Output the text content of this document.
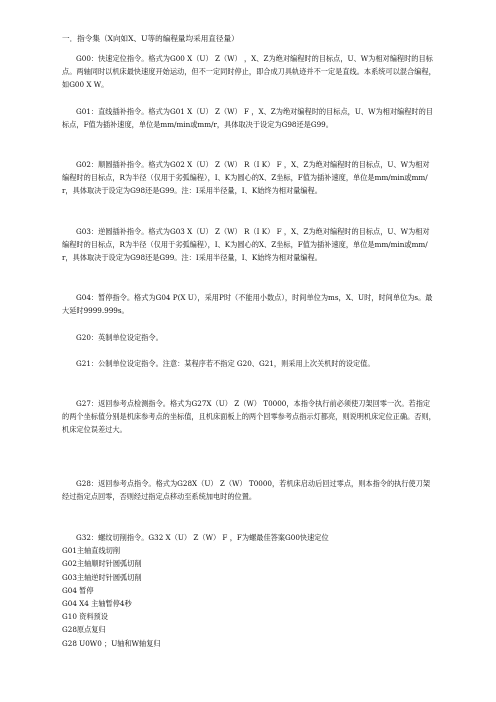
一．指令集（X向如X、U等的编程量均采用直径量）

G00：快速定位指令。格式为G00 X（U） Z（W） ，X、Z为绝对编程时的目标点，U、W为相对编程时的目标点。两轴同时以机床最快速度开始运动，但不一定同时停止，即合成刀具轨迹并不一定是直线。本系统可以混合编程，如G00 X W。

G01：直线插补指令。格式为G01 X（U） Z（W） F ，X、Z为绝对编程时的目标点，U、W为相对编程时的目标点，F值为插补速度，单位是mm/min或mm/r，具体取决于设定为G98还是G99。

G02：顺圆插补指令。格式为G02 X（U） Z（W） R（I K） F ，X、Z为绝对编程时的目标点，U、W为相对编程时的目标点，R为半径（仅用于劣弧编程），I、K为圆心的X、Z坐标，F值为插补速度，单位是mm/min或mm/r，具体取决于设定为G98还是G99。注：I采用半径量，I、K始终为相对量编程。

G03：逆圆插补指令。格式为G03 X（U） Z（W） R（I K） F ，X、Z为绝对编程时的目标点，U、W为相对编程时的目标点，R为半径（仅用于劣弧编程），I、K为圆心的X、Z坐标，F值为插补速度，单位是mm/min或mm/r，具体取决于设定为G98还是G99。注：I采用半径量，I、K始终为相对量编程。

G04：暂停指令。格式为G04 P(X U），采用P时（不能用小数点），时间单位为ms，X、U时，时间单位为s。最大延时9999.999s。

G20：英制单位设定指令。

G21：公制单位设定指令。注意：某程序若不指定 G20、G21，则采用上次关机时的设定值。

G27：返回参考点检测指令。格式为G27X（U） Z（W） T0000，本指令执行前必须使刀架回零一次。若指定的两个坐标值分别是机床参考点的坐标值，且机床面板上的两个回零参考点指示灯都亮，则说明机床定位正确。否则，机床定位误差过大。

G28：返回参考点指令。格式为G28X（U） Z（W） T0000，若机床启动后回过零点，则本指令的执行使刀架经过指定点回零，否则经过指定点移动至系统加电时的位置。

G32：螺纹切削指令。G32 X（U） Z（W） F ，F为螺最佳答案G00快速定位

G01主轴直线切削

G02主轴顺时针圆弧切削

G03主轴逆时针圆弧切削

G04 暂停

G04 X4 主轴暂停4秒

G10 资料预设

G28原点复归

G28 U0W0 ；U轴和W轴复归
